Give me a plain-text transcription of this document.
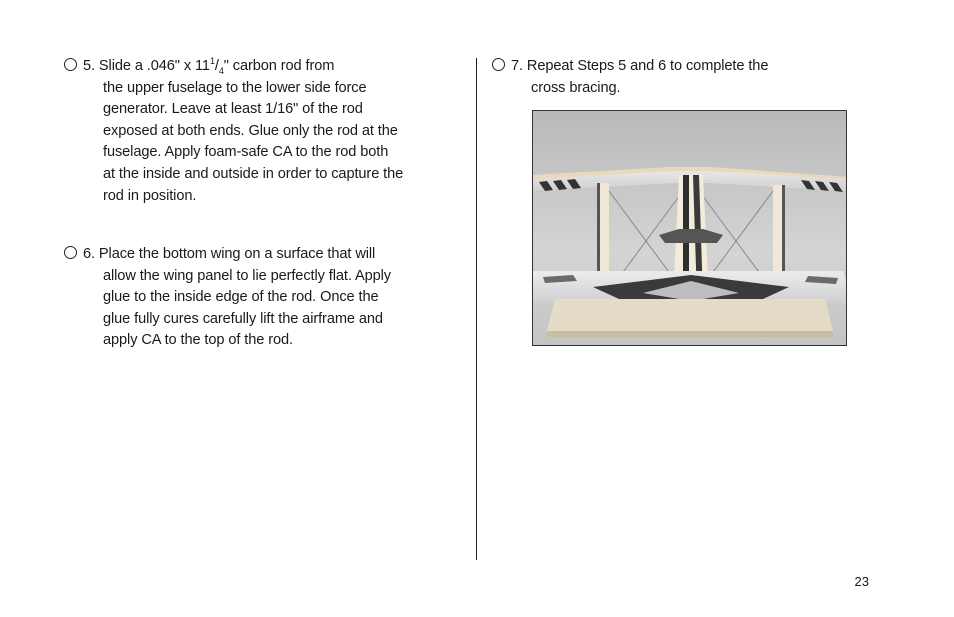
5. Slide a .046" x $11^1/_4$" carbon rod from
the upper fuselage to the lower side force
generator. Leave at least 1/16" of the rod
exposed at both ends. Glue only the rod at the
fuselage. Apply foam-safe CA to the rod both
at the inside and outside in order to capture the
rod in position.
6. Place the bottom wing on a surface that will
allow the wing panel to lie perfectly flat. Apply
glue to the inside edge of the rod. Once the
glue fully cures carefully lift the airframe and
apply CA to the top of the rod.
7. Repeat Steps 5 and 6 to complete the
cross bracing.
23
